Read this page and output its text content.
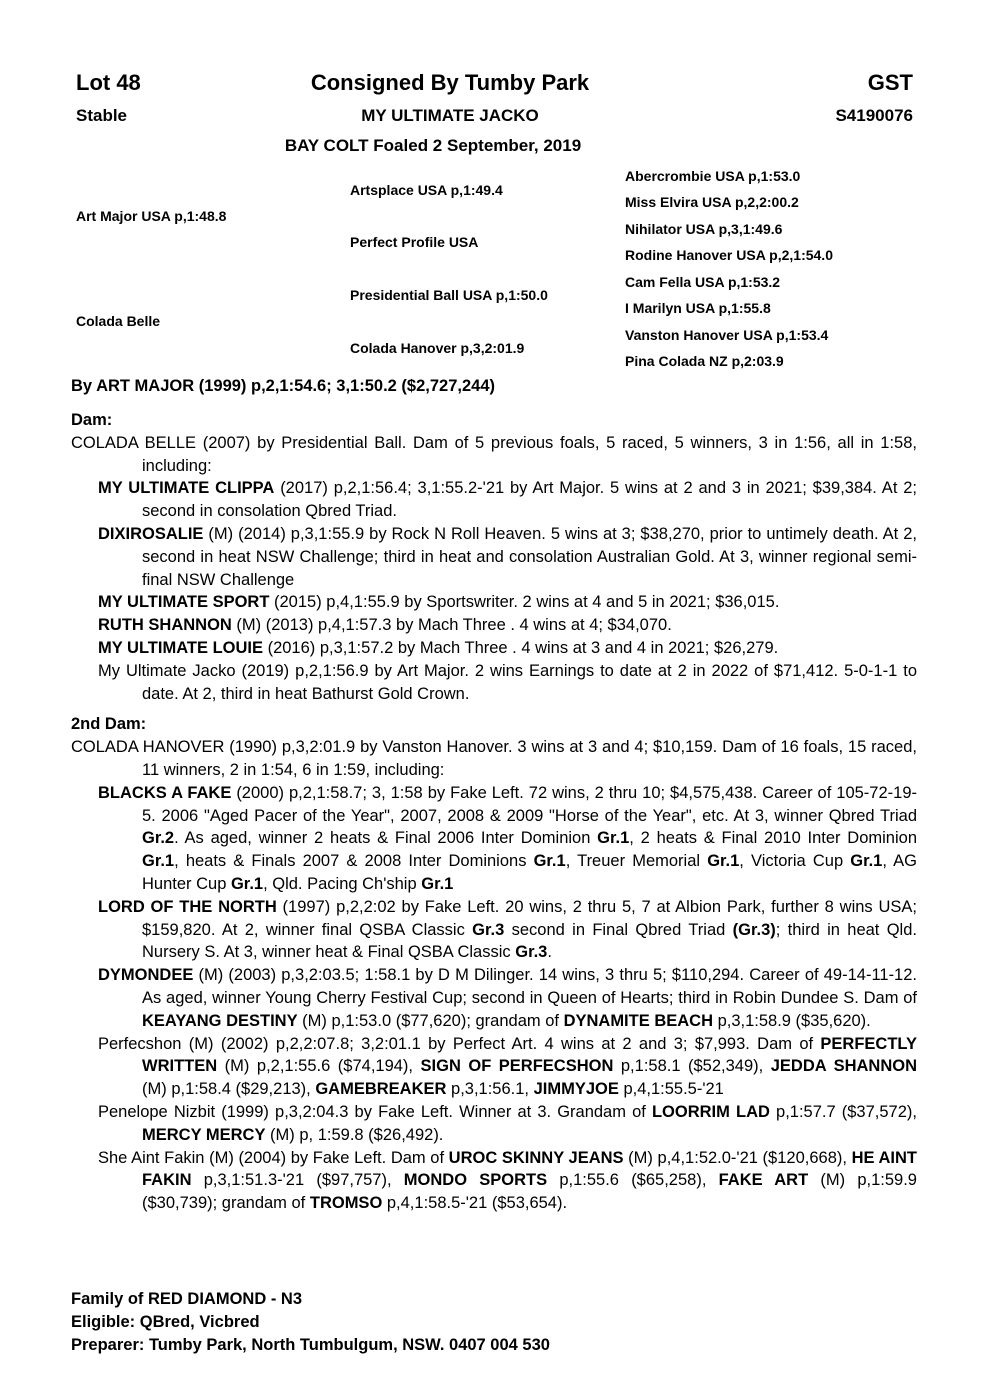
Lot 48	Consigned By Tumby Park	GST
Stable	MY ULTIMATE JACKO	S4190076
BAY COLT Foaled 2 September, 2019
Art Major USA p,1:48.8
Colada Belle
Artsplace USA p,1:49.4
Perfect Profile USA
Presidential Ball USA p,1:50.0
Colada Hanover p,3,2:01.9
Abercrombie USA p,1:53.0
Miss Elvira USA p,2,2:00.2
Nihilator USA p,3,1:49.6
Rodine Hanover USA p,2,1:54.0
Cam Fella USA p,1:53.2
I Marilyn USA p,1:55.8
Vanston Hanover USA p,1:53.4
Pina Colada NZ p,2:03.9
By ART MAJOR (1999) p,2,1:54.6; 3,1:50.2 ($2,727,244)

Dam:

COLADA BELLE (2007) by Presidential Ball. Dam of 5 previous foals, 5 raced, 5 winners, 3 in 1:56, all in 1:58, including:

MY ULTIMATE CLIPPA (2017) p,2,1:56.4; 3,1:55.2-'21 by Art Major. 5 wins at 2 and 3 in 2021; $39,384. At 2; second in consolation Qbred Triad.

DIXIROSALIE (M) (2014) p,3,1:55.9 by Rock N Roll Heaven. 5 wins at 3; $38,270, prior to untimely death. At 2, second in heat NSW Challenge; third in heat and consolation Australian Gold. At 3, winner regional semi-final NSW Challenge

MY ULTIMATE SPORT (2015) p,4,1:55.9 by Sportswriter. 2 wins at 4 and 5 in 2021; $36,015.

RUTH SHANNON (M) (2013) p,4,1:57.3 by Mach Three . 4 wins at 4; $34,070.

MY ULTIMATE LOUIE (2016) p,3,1:57.2 by Mach Three . 4 wins at 3 and 4 in 2021; $26,279.

My Ultimate Jacko (2019) p,2,1:56.9 by Art Major. 2 wins Earnings to date at 2 in 2022 of $71,412. 5-0-1-1 to date. At 2, third in heat Bathurst Gold Crown.

2nd Dam:

COLADA HANOVER (1990) p,3,2:01.9 by Vanston Hanover. 3 wins at 3 and 4; $10,159. Dam of 16 foals, 15 raced, 11 winners, 2 in 1:54, 6 in 1:59, including:

BLACKS A FAKE (2000) p,2,1:58.7; 3, 1:58 by Fake Left. 72 wins, 2 thru 10; $4,575,438. Career of 105-72-19-5. 2006 "Aged Pacer of the Year", 2007, 2008 & 2009 "Horse of the Year", etc. At 3, winner Qbred Triad Gr.2. As aged, winner 2 heats & Final 2006 Inter Dominion Gr.1, 2 heats & Final 2010 Inter Dominion Gr.1, heats & Finals 2007 & 2008 Inter Dominions Gr.1, Treuer Memorial Gr.1, Victoria Cup Gr.1, AG Hunter Cup Gr.1, Qld. Pacing Ch'ship Gr.1

LORD OF THE NORTH (1997) p,2,2:02 by Fake Left. 20 wins, 2 thru 5, 7 at Albion Park, further 8 wins USA; $159,820. At 2, winner final QSBA Classic Gr.3 second in Final Qbred Triad (Gr.3); third in heat Qld. Nursery S. At 3, winner heat & Final QSBA Classic Gr.3.

DYMONDEE (M) (2003) p,3,2:03.5; 1:58.1 by D M Dilinger. 14 wins, 3 thru 5; $110,294. Career of 49-14-11-12. As aged, winner Young Cherry Festival Cup; second in Queen of Hearts; third in Robin Dundee S. Dam of KEAYANG DESTINY (M) p,1:53.0 ($77,620); grandam of DYNAMITE BEACH p,3,1:58.9 ($35,620).

Perfecshon (M) (2002) p,2,2:07.8; 3,2:01.1 by Perfect Art. 4 wins at 2 and 3; $7,993. Dam of PERFECTLY WRITTEN (M) p,2,1:55.6 ($74,194), SIGN OF PERFECSHON p,1:58.1 ($52,349), JEDDA SHANNON (M) p,1:58.4 ($29,213), GAMEBREAKER p,3,1:56.1, JIMMYJOE p,4,1:55.5-'21

Penelope Nizbit (1999) p,3,2:04.3 by Fake Left. Winner at 3. Grandam of LOORRIM LAD p,1:57.7 ($37,572), MERCY MERCY (M) p, 1:59.8 ($26,492).

She Aint Fakin (M) (2004) by Fake Left. Dam of UROC SKINNY JEANS (M) p,4,1:52.0-'21 ($120,668), HE AINT FAKIN p,3,1:51.3-'21 ($97,757), MONDO SPORTS p,1:55.6 ($65,258), FAKE ART (M) p,1:59.9 ($30,739); grandam of TROMSO p,4,1:58.5-'21 ($53,654).

Family of RED DIAMOND - N3
Eligible: QBred, Vicbred
Preparer: Tumby Park, North Tumbulgum, NSW. 0407 004 530
